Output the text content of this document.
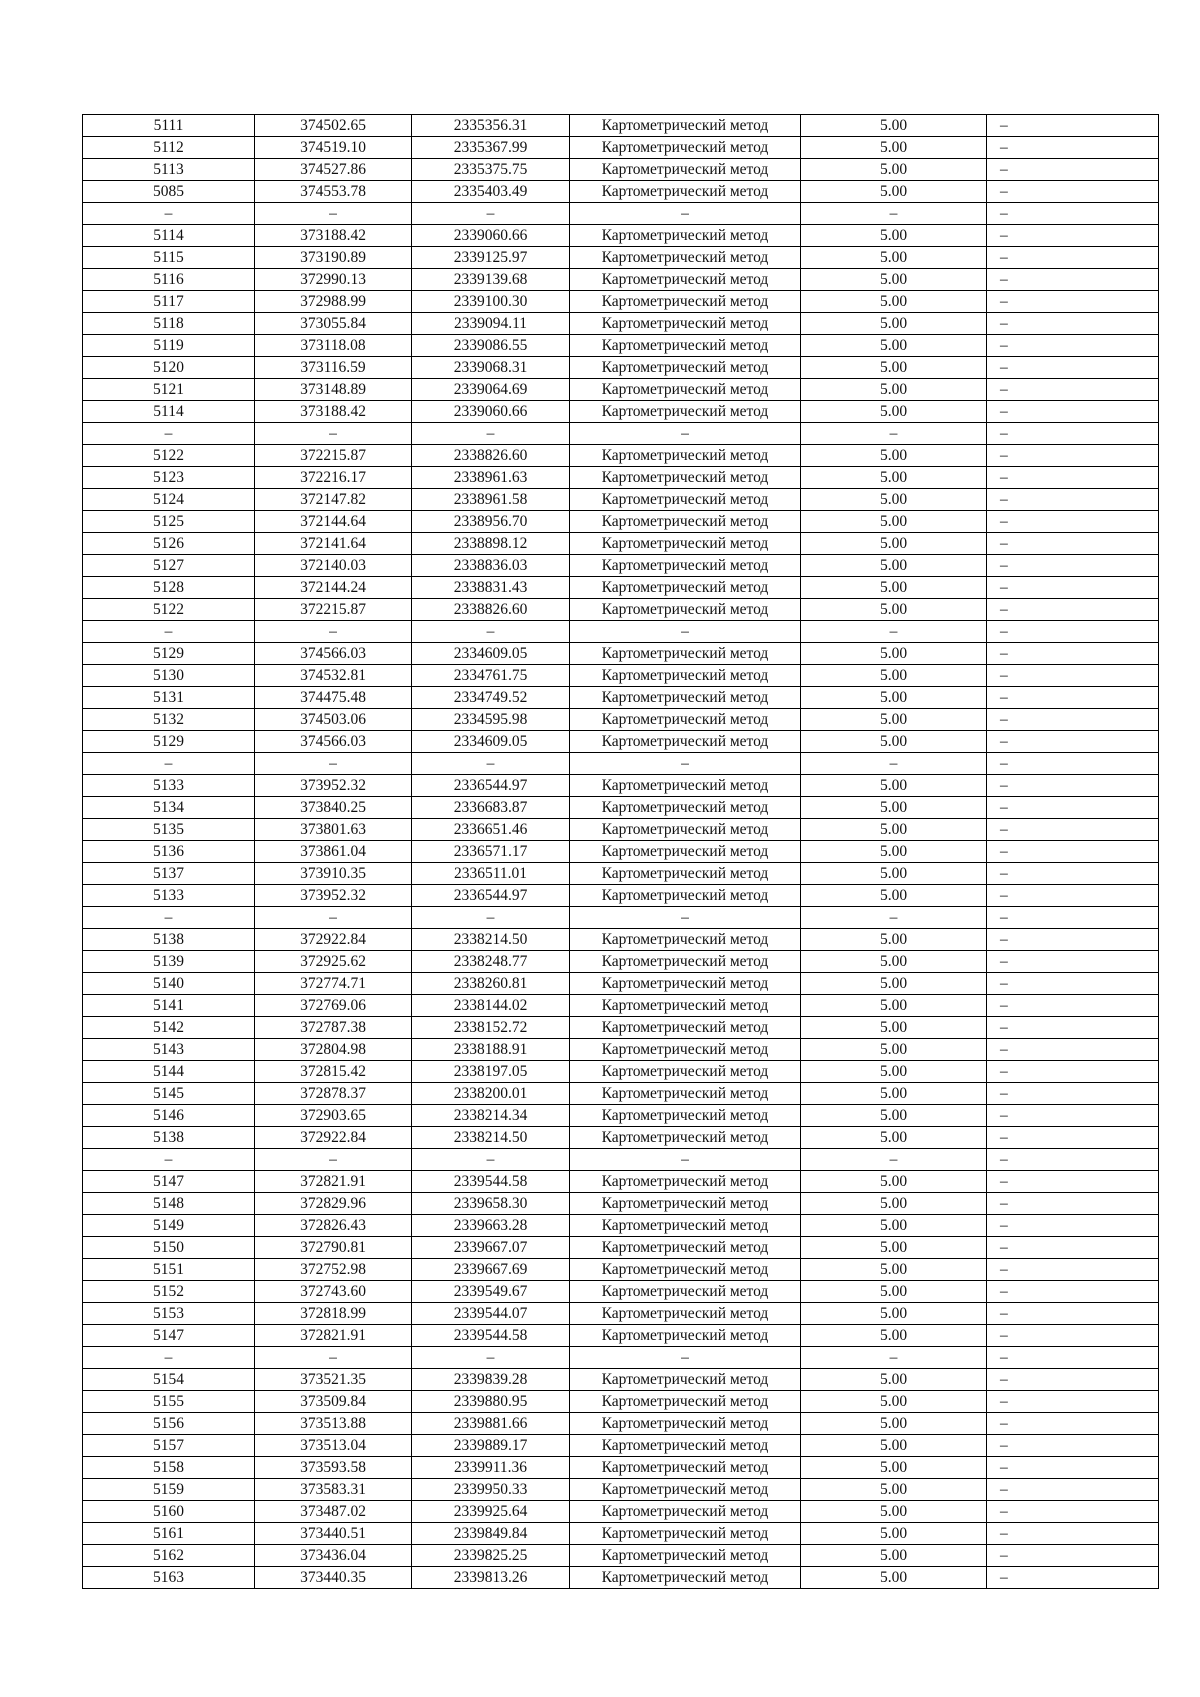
5111	374502.65	2335356.31	Картометрический метод	5.00	–
5112	374519.10	2335367.99	Картометрический метод	5.00	–
5113	374527.86	2335375.75	Картометрический метод	5.00	–
5085	374553.78	2335403.49	Картометрический метод	5.00	–
–	–	–	–	–	–
5114	373188.42	2339060.66	Картометрический метод	5.00	–
5115	373190.89	2339125.97	Картометрический метод	5.00	–
5116	372990.13	2339139.68	Картометрический метод	5.00	–
5117	372988.99	2339100.30	Картометрический метод	5.00	–
5118	373055.84	2339094.11	Картометрический метод	5.00	–
5119	373118.08	2339086.55	Картометрический метод	5.00	–
5120	373116.59	2339068.31	Картометрический метод	5.00	–
5121	373148.89	2339064.69	Картометрический метод	5.00	–
5114	373188.42	2339060.66	Картометрический метод	5.00	–
–	–	–	–	–	–
5122	372215.87	2338826.60	Картометрический метод	5.00	–
5123	372216.17	2338961.63	Картометрический метод	5.00	–
5124	372147.82	2338961.58	Картометрический метод	5.00	–
5125	372144.64	2338956.70	Картометрический метод	5.00	–
5126	372141.64	2338898.12	Картометрический метод	5.00	–
5127	372140.03	2338836.03	Картометрический метод	5.00	–
5128	372144.24	2338831.43	Картометрический метод	5.00	–
5122	372215.87	2338826.60	Картометрический метод	5.00	–
–	–	–	–	–	–
5129	374566.03	2334609.05	Картометрический метод	5.00	–
5130	374532.81	2334761.75	Картометрический метод	5.00	–
5131	374475.48	2334749.52	Картометрический метод	5.00	–
5132	374503.06	2334595.98	Картометрический метод	5.00	–
5129	374566.03	2334609.05	Картометрический метод	5.00	–
–	–	–	–	–	–
5133	373952.32	2336544.97	Картометрический метод	5.00	–
5134	373840.25	2336683.87	Картометрический метод	5.00	–
5135	373801.63	2336651.46	Картометрический метод	5.00	–
5136	373861.04	2336571.17	Картометрический метод	5.00	–
5137	373910.35	2336511.01	Картометрический метод	5.00	–
5133	373952.32	2336544.97	Картометрический метод	5.00	–
–	–	–	–	–	–
5138	372922.84	2338214.50	Картометрический метод	5.00	–
5139	372925.62	2338248.77	Картометрический метод	5.00	–
5140	372774.71	2338260.81	Картометрический метод	5.00	–
5141	372769.06	2338144.02	Картометрический метод	5.00	–
5142	372787.38	2338152.72	Картометрический метод	5.00	–
5143	372804.98	2338188.91	Картометрический метод	5.00	–
5144	372815.42	2338197.05	Картометрический метод	5.00	–
5145	372878.37	2338200.01	Картометрический метод	5.00	–
5146	372903.65	2338214.34	Картометрический метод	5.00	–
5138	372922.84	2338214.50	Картометрический метод	5.00	–
–	–	–	–	–	–
5147	372821.91	2339544.58	Картометрический метод	5.00	–
5148	372829.96	2339658.30	Картометрический метод	5.00	–
5149	372826.43	2339663.28	Картометрический метод	5.00	–
5150	372790.81	2339667.07	Картометрический метод	5.00	–
5151	372752.98	2339667.69	Картометрический метод	5.00	–
5152	372743.60	2339549.67	Картометрический метод	5.00	–
5153	372818.99	2339544.07	Картометрический метод	5.00	–
5147	372821.91	2339544.58	Картометрический метод	5.00	–
–	–	–	–	–	–
5154	373521.35	2339839.28	Картометрический метод	5.00	–
5155	373509.84	2339880.95	Картометрический метод	5.00	–
5156	373513.88	2339881.66	Картометрический метод	5.00	–
5157	373513.04	2339889.17	Картометрический метод	5.00	–
5158	373593.58	2339911.36	Картометрический метод	5.00	–
5159	373583.31	2339950.33	Картометрический метод	5.00	–
5160	373487.02	2339925.64	Картометрический метод	5.00	–
5161	373440.51	2339849.84	Картометрический метод	5.00	–
5162	373436.04	2339825.25	Картометрический метод	5.00	–
5163	373440.35	2339813.26	Картометрический метод	5.00	–
